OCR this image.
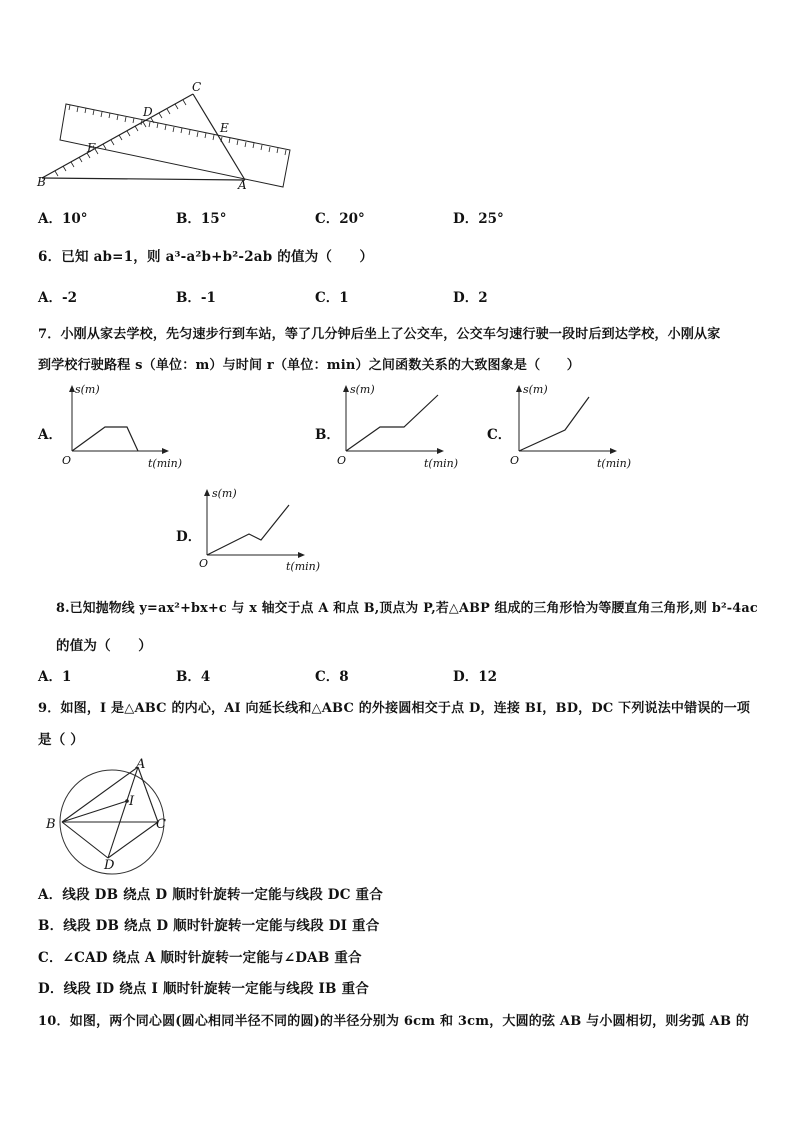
C
D
E
F
B	A
A．10°	B．15°	C．20°	D．25°
6．已知 ab=1，则 a³-a²b+b²-2ab 的值为（　　）
A．-2	B．-1	C．1	D．2
7．小刚从家去学校，先匀速步行到车站，等了几分钟后坐上了公交车，公交车匀速行驶一段时后到达学校，小刚从家
到学校行驶路程 s（单位：m）与时间 r（单位：min）之间函数关系的大致图象是（　　）
A．
s(m)
O	t(min)
B．
s(m)
O	t(min)
C．
s(m)
O	t(min)
D．
s(m)
O	t(min)
8.已知抛物线 y=ax²+bx+c 与 x 轴交于点 A 和点 B,顶点为 P,若△ABP 组成的三角形恰为等腰直角三角形,则 b²-4ac
的值为（　　）
A．1	B．4	C．8	D．12
9．如图，I 是△ABC 的内心，AI 向延长线和△ABC 的外接圆相交于点 D，连接 BI，BD，DC 下列说法中错误的一项
是（ ）
A
I
B	C
D
A．线段 DB 绕点 D 顺时针旋转一定能与线段 DC 重合
B．线段 DB 绕点 D 顺时针旋转一定能与线段 DI 重合
C．∠CAD 绕点 A 顺时针旋转一定能与∠DAB 重合
D．线段 ID 绕点 I 顺时针旋转一定能与线段 IB 重合
10．如图，两个同心圆(圆心相同半径不同的圆)的半径分别为 6cm 和 3cm，大圆的弦 AB 与小圆相切，则劣弧 AB 的
